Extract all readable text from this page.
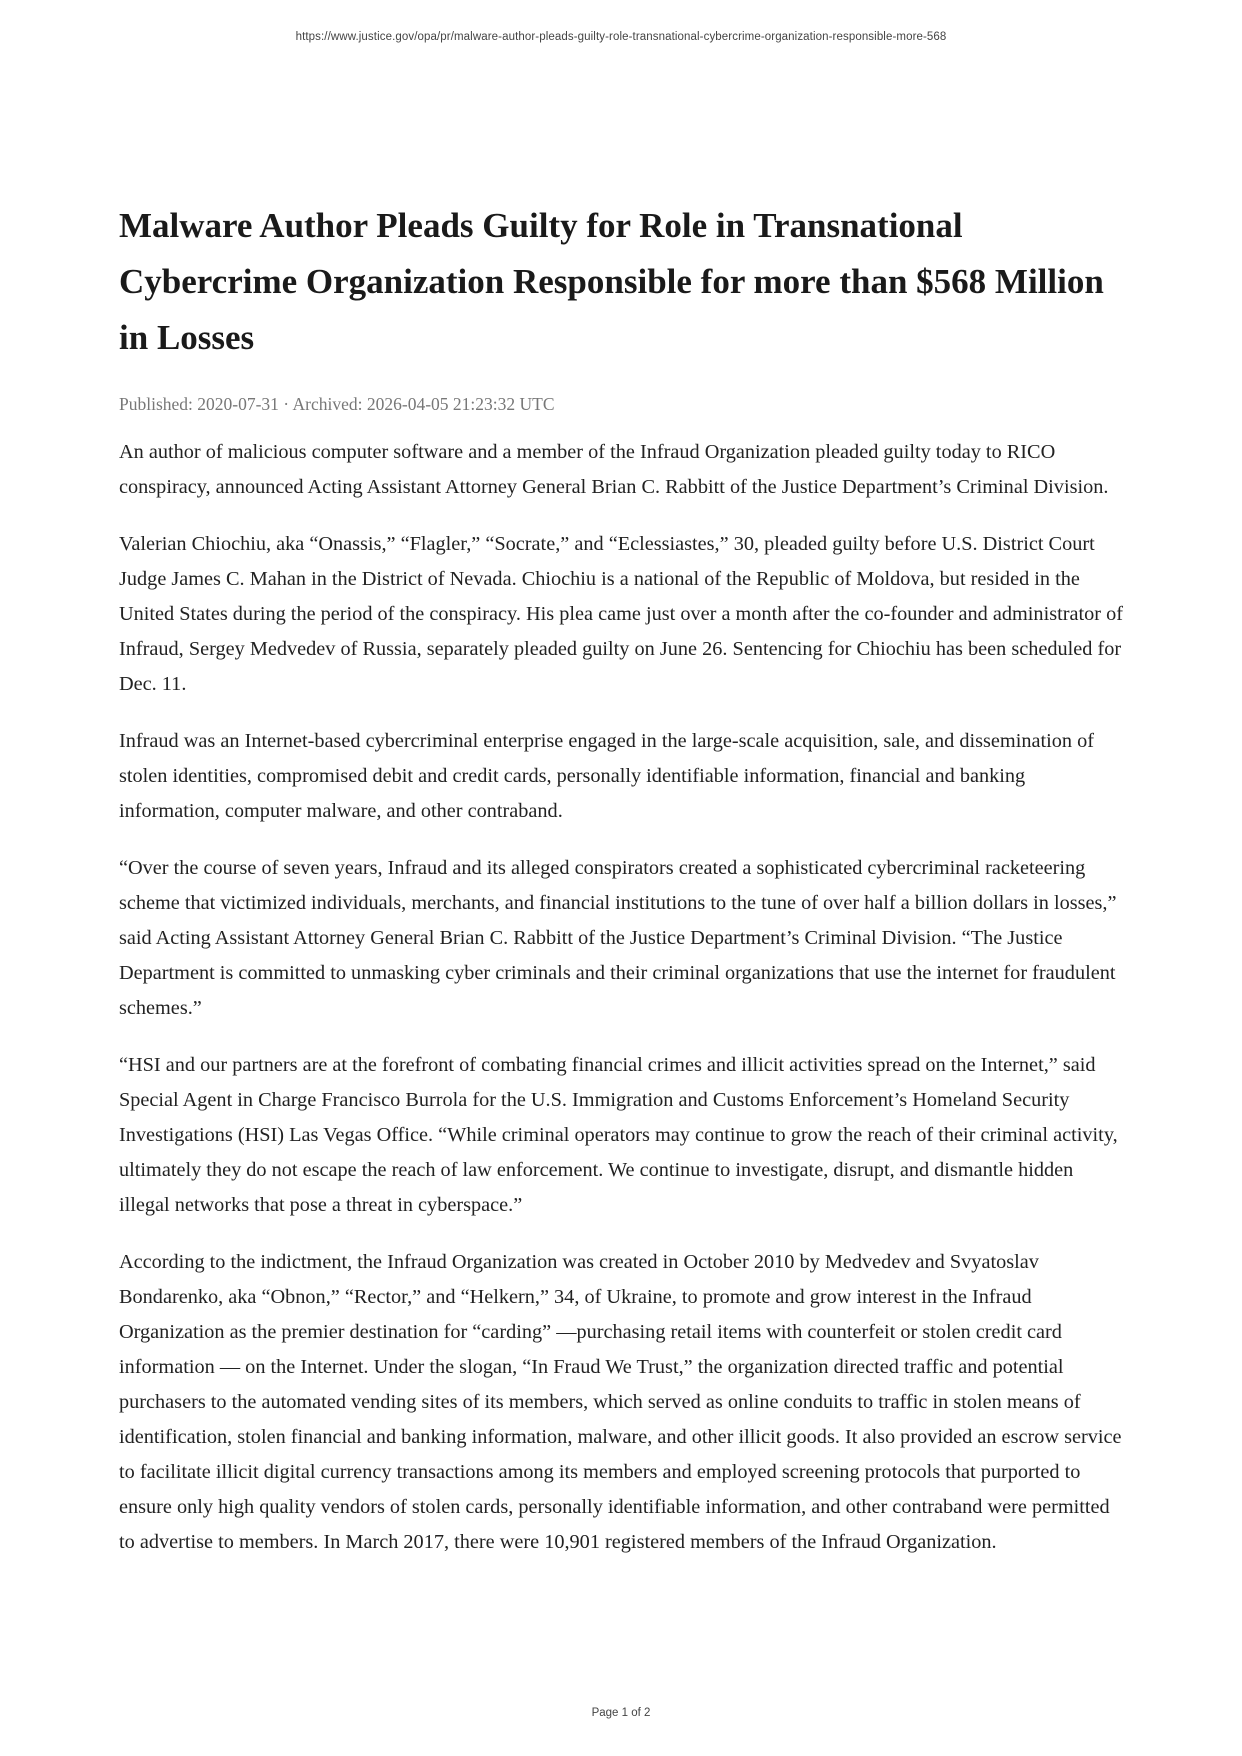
https://www.justice.gov/opa/pr/malware-author-pleads-guilty-role-transnational-cybercrime-organization-responsible-more-568
Malware Author Pleads Guilty for Role in Transnational Cybercrime Organization Responsible for more than $568 Million in Losses

Published: 2020-07-31 · Archived: 2026-04-05 21:23:32 UTC

An author of malicious computer software and a member of the Infraud Organization pleaded guilty today to RICO conspiracy, announced Acting Assistant Attorney General Brian C. Rabbitt of the Justice Department’s Criminal Division.

Valerian Chiochiu, aka “Onassis,” “Flagler,” “Socrate,” and “Eclessiastes,” 30, pleaded guilty before U.S. District Court Judge James C. Mahan in the District of Nevada. Chiochiu is a national of the Republic of Moldova, but resided in the United States during the period of the conspiracy. His plea came just over a month after the co-founder and administrator of Infraud, Sergey Medvedev of Russia, separately pleaded guilty on June 26. Sentencing for Chiochiu has been scheduled for Dec. 11.

Infraud was an Internet-based cybercriminal enterprise engaged in the large-scale acquisition, sale, and dissemination of stolen identities, compromised debit and credit cards, personally identifiable information, financial and banking information, computer malware, and other contraband.

“Over the course of seven years, Infraud and its alleged conspirators created a sophisticated cybercriminal racketeering scheme that victimized individuals, merchants, and financial institutions to the tune of over half a billion dollars in losses,” said Acting Assistant Attorney General Brian C. Rabbitt of the Justice Department’s Criminal Division. “The Justice Department is committed to unmasking cyber criminals and their criminal organizations that use the internet for fraudulent schemes.”

“HSI and our partners are at the forefront of combating financial crimes and illicit activities spread on the Internet,” said Special Agent in Charge Francisco Burrola for the U.S. Immigration and Customs Enforcement’s Homeland Security Investigations (HSI) Las Vegas Office. “While criminal operators may continue to grow the reach of their criminal activity, ultimately they do not escape the reach of law enforcement. We continue to investigate, disrupt, and dismantle hidden illegal networks that pose a threat in cyberspace.”

According to the indictment, the Infraud Organization was created in October 2010 by Medvedev and Svyatoslav Bondarenko, aka “Obnon,” “Rector,” and “Helkern,” 34, of Ukraine, to promote and grow interest in the Infraud Organization as the premier destination for “carding” —purchasing retail items with counterfeit or stolen credit card information — on the Internet. Under the slogan, “In Fraud We Trust,” the organization directed traffic and potential purchasers to the automated vending sites of its members, which served as online conduits to traffic in stolen means of identification, stolen financial and banking information, malware, and other illicit goods. It also provided an escrow service to facilitate illicit digital currency transactions among its members and employed screening protocols that purported to ensure only high quality vendors of stolen cards, personally identifiable information, and other contraband were permitted to advertise to members. In March 2017, there were 10,901 registered members of the Infraud Organization.

Page 1 of 2
